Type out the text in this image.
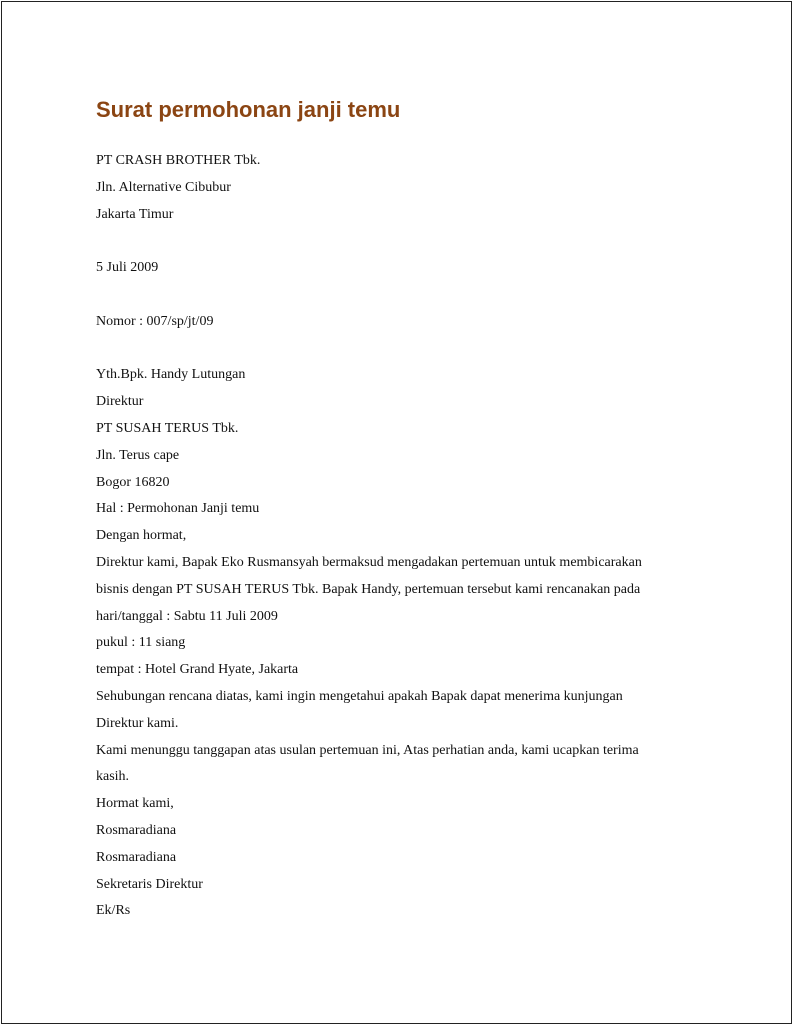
Surat permohonan janji temu
PT CRASH BROTHER Tbk.
Jln. Alternative Cibubur
Jakarta Timur
5 Juli 2009
Nomor : 007/sp/jt/09
Yth.Bpk. Handy Lutungan
Direktur
PT SUSAH TERUS Tbk.
Jln. Terus cape
Bogor 16820
Hal : Permohonan Janji temu
Dengan hormat,
Direktur kami, Bapak Eko Rusmansyah bermaksud mengadakan pertemuan untuk membicarakan
bisnis dengan PT SUSAH TERUS Tbk. Bapak Handy, pertemuan tersebut kami rencanakan pada
hari/tanggal : Sabtu 11 Juli 2009
pukul : 11 siang
tempat : Hotel Grand Hyate, Jakarta
Sehubungan rencana diatas, kami ingin mengetahui apakah Bapak dapat menerima kunjungan
Direktur kami.
Kami menunggu tanggapan atas usulan pertemuan ini, Atas perhatian anda, kami ucapkan terima
kasih.
Hormat kami,
Rosmaradiana
Rosmaradiana
Sekretaris Direktur
Ek/Rs
